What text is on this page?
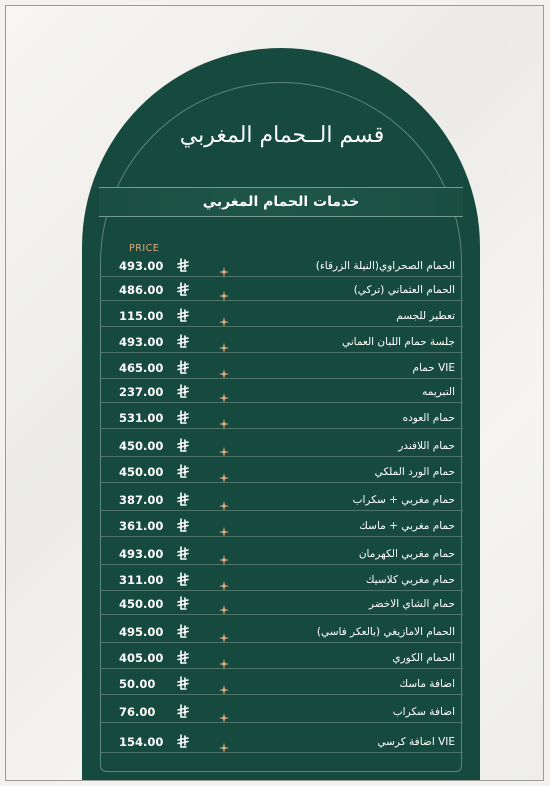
قسم الــحمام المغربي
خدمات الحمام المغربي
PRICE
493.00	الحمام الصحراوي(النيلة الزرقاء)
486.00	الحمام العثماني (تركي)
115.00	تعطير للجسم
493.00	جلسة حمام اللبان العماني
465.00	VIE حمام
237.00	التبريمه
531.00	حمام العوده
450.00	حمام اللافندر
450.00	حمام الورد الملكي
387.00	حمام مغربي + سكراب
361.00	حمام مغربي + ماسك
493.00	حمام مغربي الكهرمان
311.00	حمام مغربي كلاسيك
450.00	حمام الشاي الاخضر
495.00	الحمام الامازيغي (بالعكر فاسي)
405.00	الحمام الكوري
50.00	اضافة ماسك
76.00	اضافة سكراب
154.00	VIE اضافة كرسي
